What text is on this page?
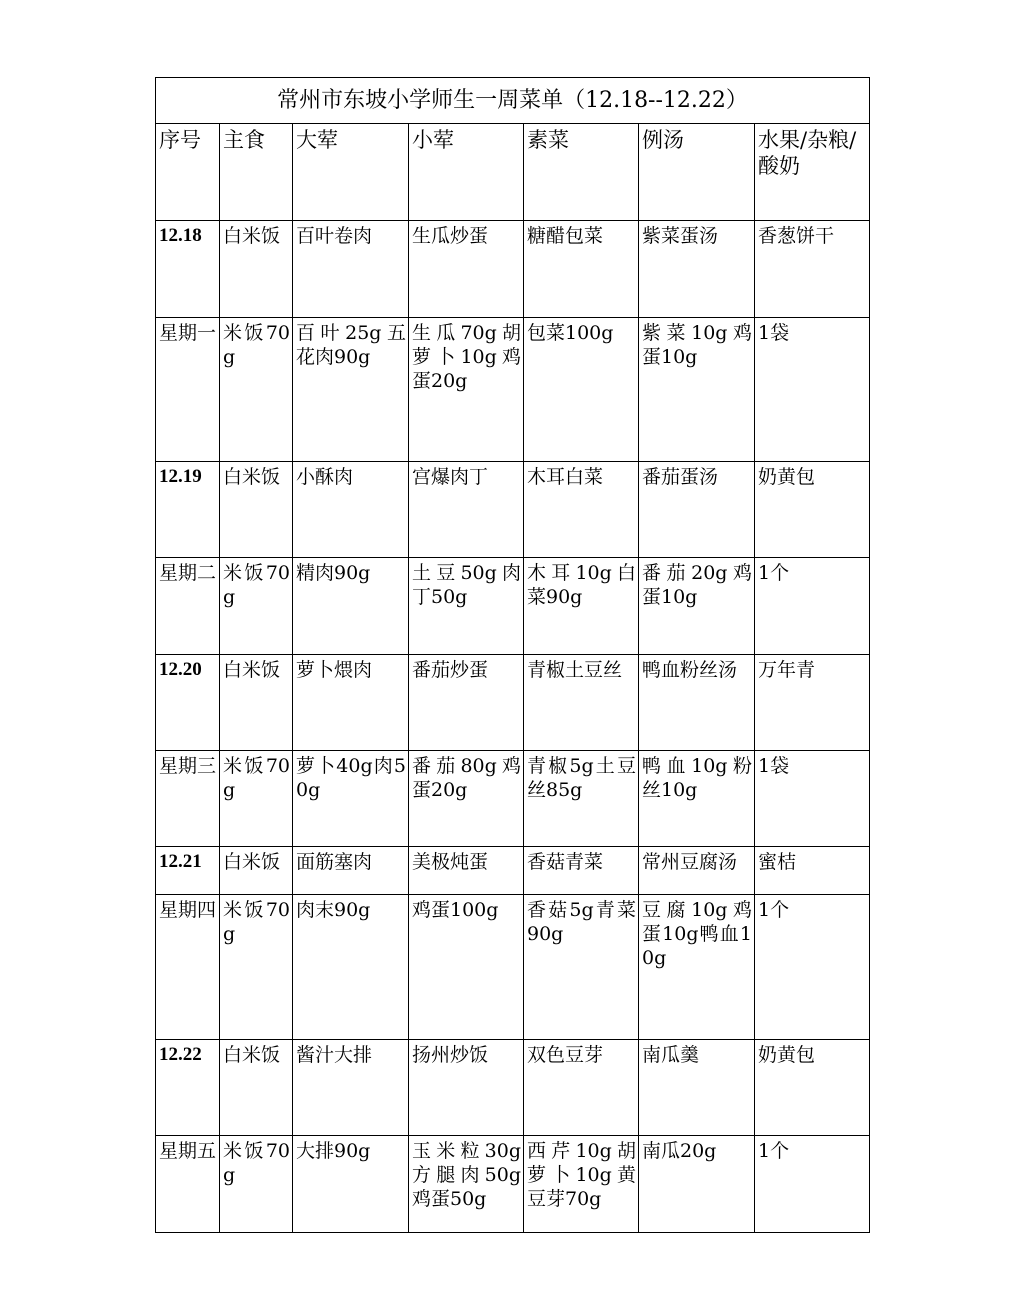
常州市东坡小学师生一周菜单（12.18--12.22）						
序号	主食	大荤	小荤	素菜	例汤	水果/杂粮/酸奶
12.18	白米饭	百叶卷肉	生瓜炒蛋	糖醋包菜	紫菜蛋汤	香葱饼干
星期一	米饭70g	百叶25g五花肉90g	生瓜70g胡萝卜10g鸡蛋20g	包菜100g	紫菜10g鸡蛋10g	1袋
12.19	白米饭	小酥肉	宫爆肉丁	木耳白菜	番茄蛋汤	奶黄包
星期二	米饭70g	精肉90g	土豆50g肉丁50g	木耳10g白菜90g	番茄20g鸡蛋10g	1个
12.20	白米饭	萝卜煨肉	番茄炒蛋	青椒土豆丝	鸭血粉丝汤	万年青
星期三	米饭70g	萝卜40g肉50g	番茄80g鸡蛋20g	青椒5g土豆丝85g	鸭血10g粉丝10g	1袋
12.21	白米饭	面筋塞肉	美极炖蛋	香菇青菜	常州豆腐汤	蜜桔
星期四	米饭70g	肉末90g	鸡蛋100g	香菇5g青菜90g	豆腐10g鸡蛋10g鸭血10g	1个
12.22	白米饭	酱汁大排	扬州炒饭	双色豆芽	南瓜羹	奶黄包
星期五	米饭70g	大排90g	玉米粒30g方腿肉50g鸡蛋50g	西芹10g胡萝卜10g黄豆芽70g	南瓜20g	1个
